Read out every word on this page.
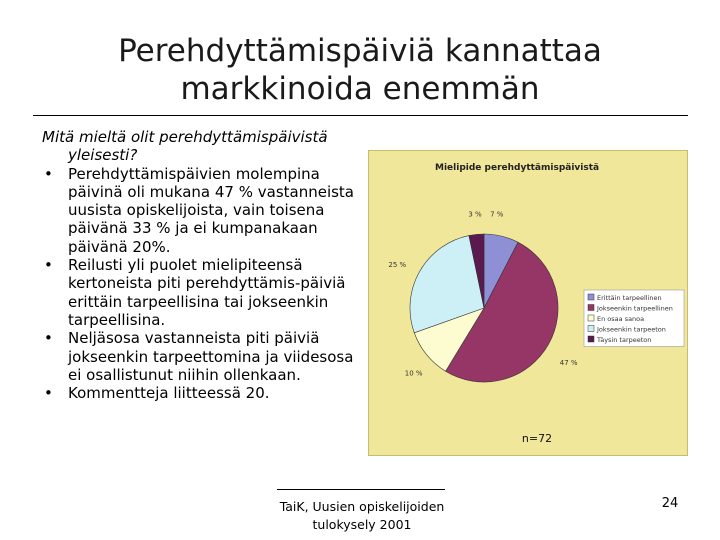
Perehdyttämispäiviä kannattaa markkinoida enemmän
Mitä mieltä olit perehdyttämispäivistä yleisesti?
• Perehdyttämispäivien molempina päivinä oli mukana 47 % vastanneista uusista opiskelijoista, vain toisena päivänä 33 % ja ei kumpanakaan päivänä 20%.
• Reilusti yli puolet mielipiteensä kertoneista piti perehdyttämis-päiviä erittäin tarpeellisina tai jokseenkin tarpeellisina.
• Neljäsosa vastanneista piti päiviä jokseenkin tarpeettomina ja viidesosa ei osallistunut niihin ollenkaan.
• Kommentteja liitteessä 20.
Mielipide perehdyttämispäivistä
7 %
47 %
10 %
25 %
3 %
Erittäin tarpeellinen
Jokseenkin tarpeellinen
En osaa sanoa
Jokseenkin tarpeeton
Täysin tarpeeton
n=72
TaiK, Uusien opiskelijoiden tulokysely 2001
24
